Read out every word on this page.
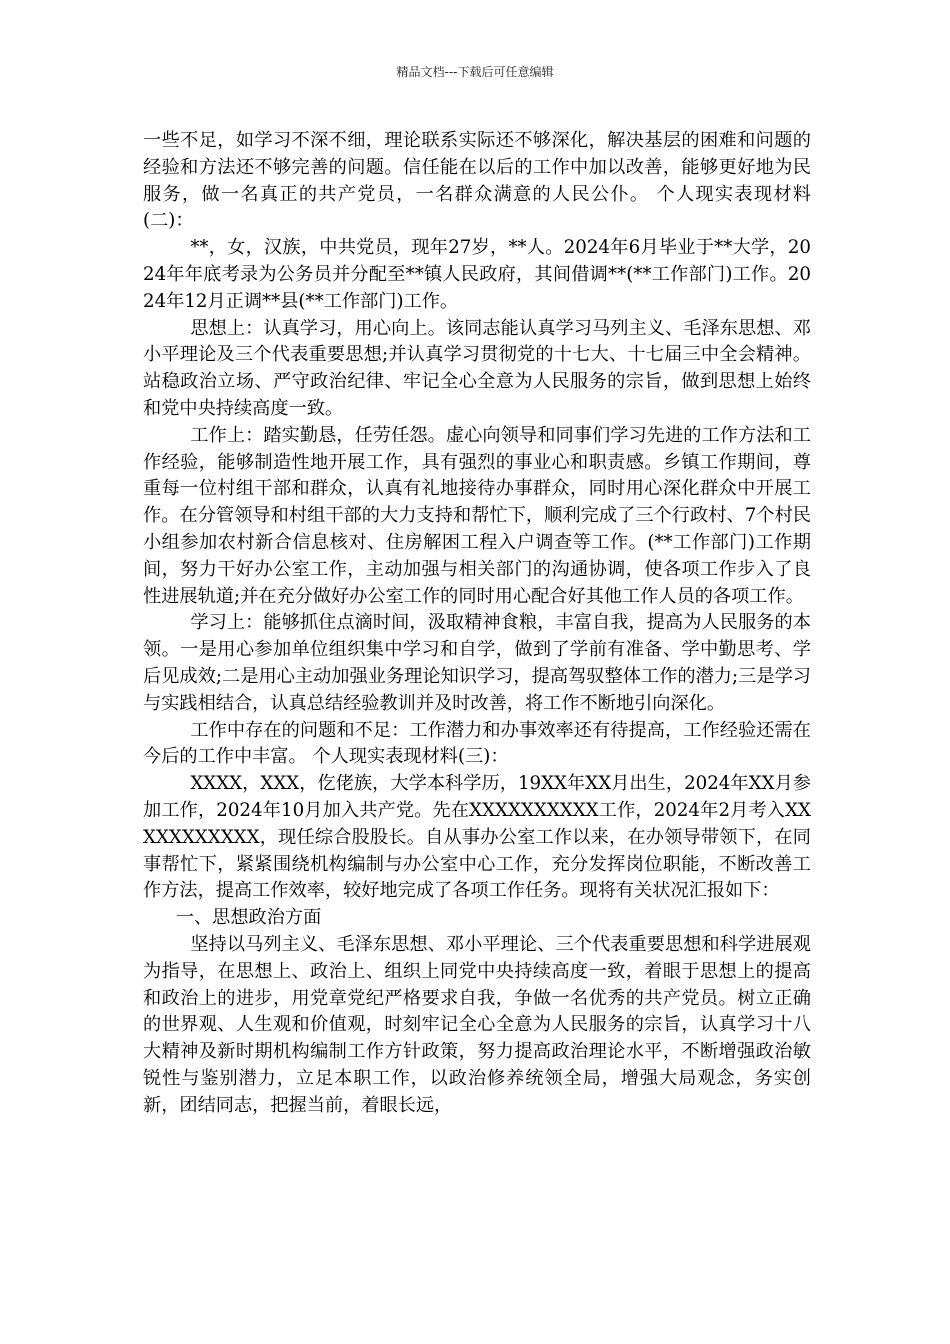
精品文档---下载后可任意编辑

一些不足，如学习不深不细，理论联系实际还不够深化，解决基层的困难和问题的经验和方法还不够完善的问题。信任能在以后的工作中加以改善，能够更好地为民服务，做一名真正的共产党员，一名群众满意的人民公仆。 个人现实表现材料(二)：

**，女，汉族，中共党员，现年27岁，**人。2024年6月毕业于**大学，2024年年底考录为公务员并分配至**镇人民政府，其间借调**(**工作部门)工作。2024年12月正调**县(**工作部门)工作。

思想上：认真学习，用心向上。该同志能认真学习马列主义、毛泽东思想、邓小平理论及三个代表重要思想;并认真学习贯彻党的十七大、十七届三中全会精神。站稳政治立场、严守政治纪律、牢记全心全意为人民服务的宗旨，做到思想上始终和党中央持续高度一致。

工作上：踏实勤恳，任劳任怨。虚心向领导和同事们学习先进的工作方法和工作经验，能够制造性地开展工作，具有强烈的事业心和职责感。乡镇工作期间，尊重每一位村组干部和群众，认真有礼地接待办事群众，同时用心深化群众中开展工作。在分管领导和村组干部的大力支持和帮忙下，顺利完成了三个行政村、7个村民小组参加农村新合信息核对、住房解困工程入户调查等工作。(**工作部门)工作期间，努力干好办公室工作，主动加强与相关部门的沟通协调，使各项工作步入了良性进展轨道;并在充分做好办公室工作的同时用心配合好其他工作人员的各项工作。

学习上：能够抓住点滴时间，汲取精神食粮，丰富自我，提高为人民服务的本领。一是用心参加单位组织集中学习和自学，做到了学前有准备、学中勤思考、学后见成效;二是用心主动加强业务理论知识学习，提高驾驭整体工作的潜力;三是学习与实践相结合，认真总结经验教训并及时改善，将工作不断地引向深化。

工作中存在的问题和不足：工作潜力和办事效率还有待提高，工作经验还需在今后的工作中丰富。 个人现实表现材料(三)：

XXXX，XXX，仡佬族，大学本科学历，19XX年XX月出生，2024年XX月参加工作，2024年10月加入共产党。先在XXXXXXXXXX工作，2024年2月考入XXXXXXXXXXX，现任综合股股长。自从事办公室工作以来，在办领导带领下，在同事帮忙下，紧紧围绕机构编制与办公室中心工作，充分发挥岗位职能，不断改善工作方法，提高工作效率，较好地完成了各项工作任务。现将有关状况汇报如下：

一、思想政治方面

坚持以马列主义、毛泽东思想、邓小平理论、三个代表重要思想和科学进展观为指导，在思想上、政治上、组织上同党中央持续高度一致，着眼于思想上的提高和政治上的进步，用党章党纪严格要求自我，争做一名优秀的共产党员。树立正确的世界观、人生观和价值观，时刻牢记全心全意为人民服务的宗旨，认真学习十八大精神及新时期机构编制工作方针政策，努力提高政治理论水平，不断增强政治敏锐性与鉴别潜力，立足本职工作，以政治修养统领全局，增强大局观念，务实创新，团结同志，把握当前，着眼长远，
